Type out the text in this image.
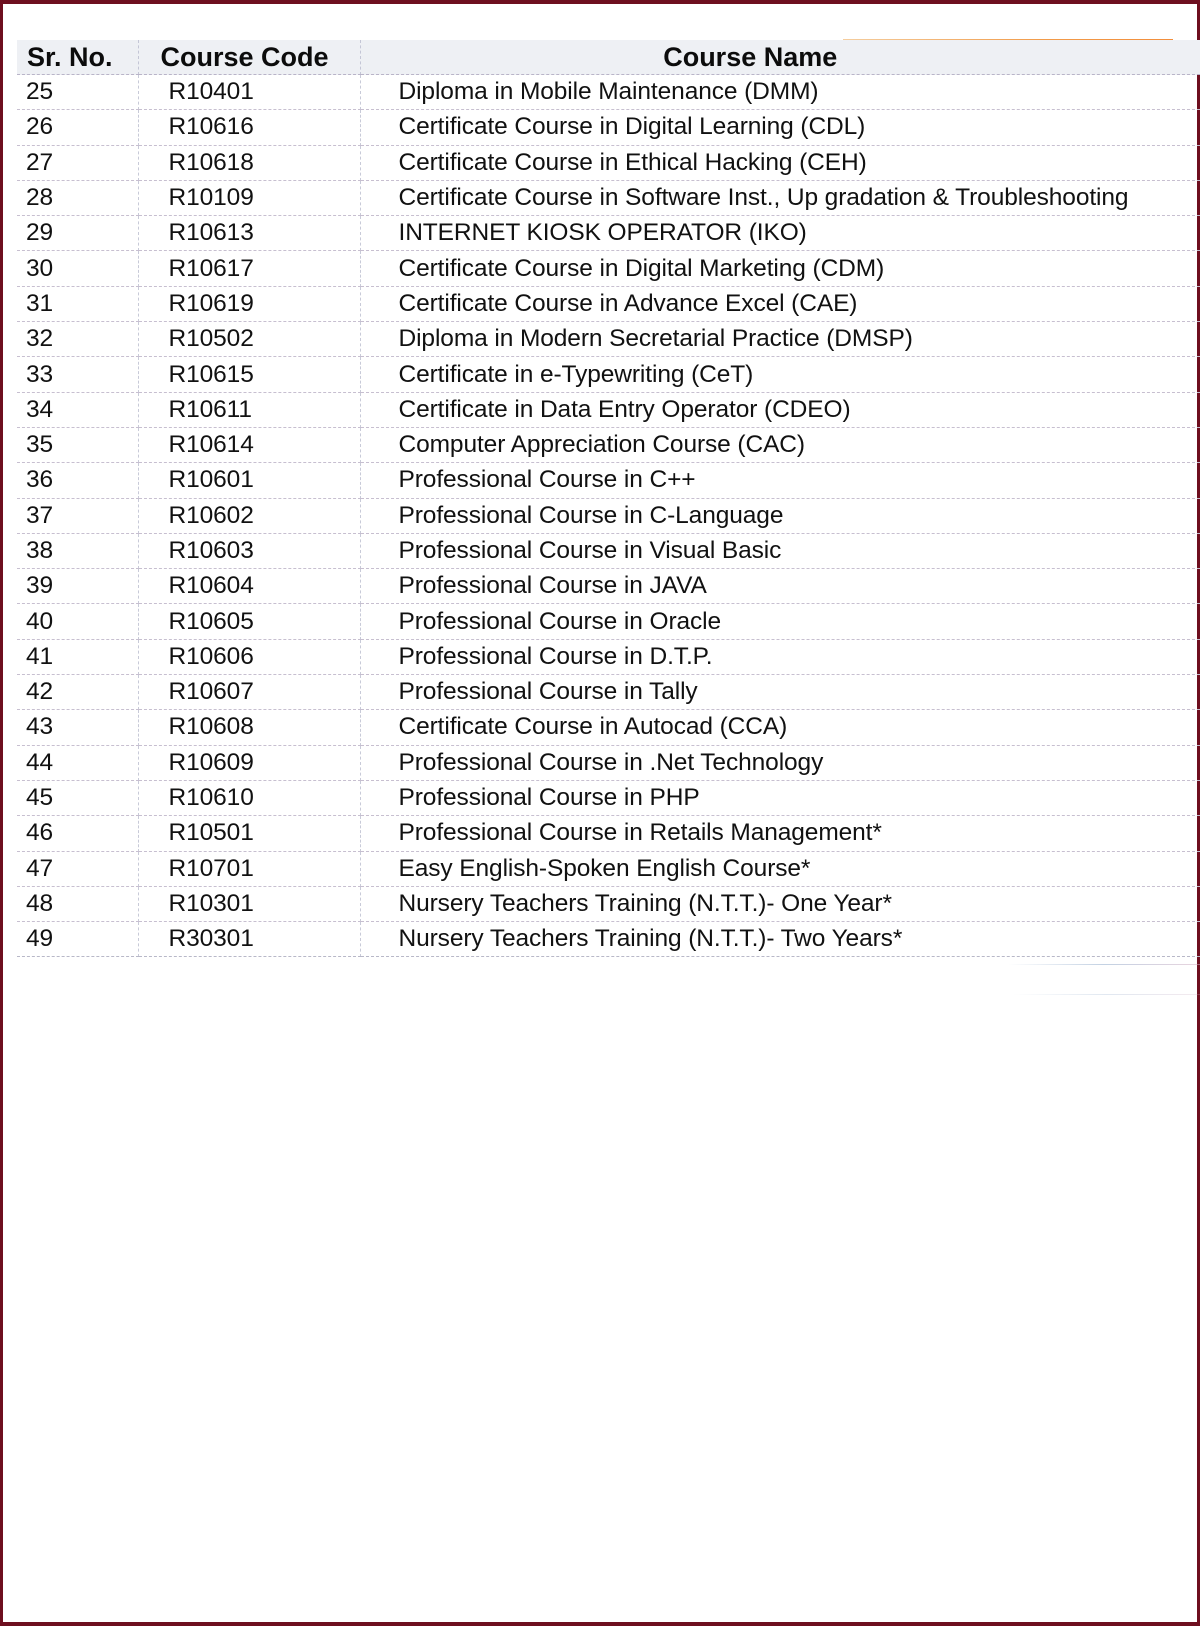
Sr. No.	Course Code	Course Name
25	R10401	Diploma in Mobile Maintenance (DMM)
26	R10616	Certificate Course in Digital Learning (CDL)
27	R10618	Certificate Course in Ethical Hacking (CEH)
28	R10109	Certificate Course in Software Inst., Up gradation & Troubleshooting
29	R10613	INTERNET KIOSK OPERATOR (IKO)
30	R10617	Certificate Course in Digital Marketing (CDM)
31	R10619	Certificate Course in Advance Excel (CAE)
32	R10502	Diploma in Modern Secretarial Practice (DMSP)
33	R10615	Certificate in e-Typewriting (CeT)
34	R10611	Certificate in Data Entry Operator (CDEO)
35	R10614	Computer Appreciation Course (CAC)
36	R10601	Professional Course in C++
37	R10602	Professional Course in C-Language
38	R10603	Professional Course in Visual Basic
39	R10604	Professional Course in JAVA
40	R10605	Professional Course in Oracle
41	R10606	Professional Course in D.T.P.
42	R10607	Professional Course in Tally
43	R10608	Certificate Course in Autocad (CCA)
44	R10609	Professional Course in .Net Technology
45	R10610	Professional Course in PHP
46	R10501	Professional Course in Retails Management*
47	R10701	Easy English-Spoken English Course*
48	R10301	Nursery Teachers Training (N.T.T.)- One Year*
49	R30301	Nursery Teachers Training (N.T.T.)- Two Years*
